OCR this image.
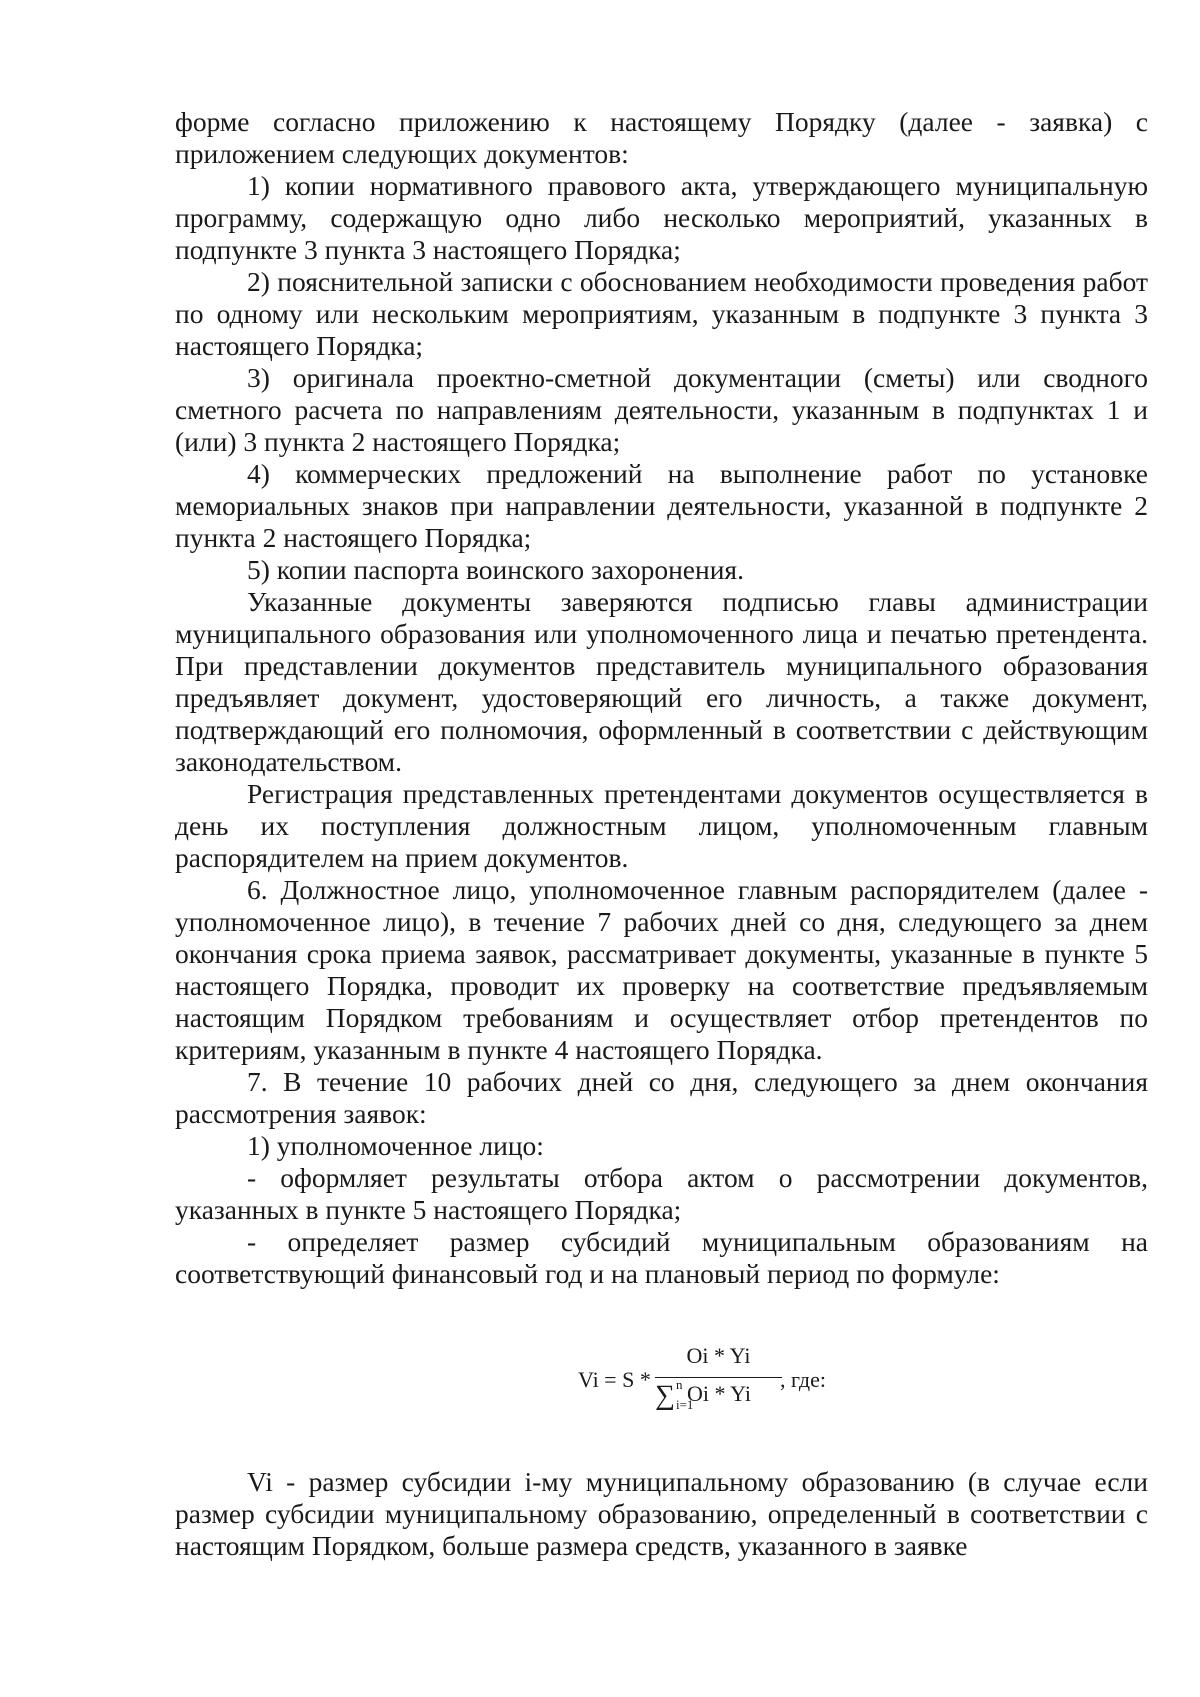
форме согласно приложению к настоящему Порядку (далее - заявка) с приложением следующих документов:

1) копии нормативного правового акта, утверждающего муниципальную программу, содержащую одно либо несколько мероприятий, указанных в подпункте 3 пункта 3 настоящего Порядка;

2) пояснительной записки с обоснованием необходимости проведения работ по одному или нескольким мероприятиям, указанным в подпункте 3 пункта 3 настоящего Порядка;

3) оригинала проектно-сметной документации (сметы) или сводного сметного расчета по направлениям деятельности, указанным в подпунктах 1 и (или) 3 пункта 2 настоящего Порядка;

4) коммерческих предложений на выполнение работ по установке мемориальных знаков при направлении деятельности, указанной в подпункте 2 пункта 2 настоящего Порядка;

5) копии паспорта воинского захоронения.

Указанные документы заверяются подписью главы администрации муниципального образования или уполномоченного лица и печатью претендента. При представлении документов представитель муниципального образования предъявляет документ, удостоверяющий его личность, а также документ, подтверждающий его полномочия, оформленный в соответствии с действующим законодательством.

Регистрация представленных претендентами документов осуществляется в день их поступления должностным лицом, уполномоченным главным распорядителем на прием документов.

6. Должностное лицо, уполномоченное главным распорядителем (далее - уполномоченное лицо), в течение 7 рабочих дней со дня, следующего за днем окончания срока приема заявок, рассматривает документы, указанные в пункте 5 настоящего Порядка, проводит их проверку на соответствие предъявляемым настоящим Порядком требованиям и осуществляет отбор претендентов по критериям, указанным в пункте 4 настоящего Порядка.

7. В течение 10 рабочих дней со дня, следующего за днем окончания рассмотрения заявок:

1) уполномоченное лицо:

- оформляет результаты отбора актом о рассмотрении документов, указанных в пункте 5 настоящего Порядка;

- определяет размер субсидий муниципальным образованиям на соответствующий финансовый год и на плановый период по формуле:

Vi = S *
Oi * Yi
∑ n
i=1
Oi * Yi
, где:

Vi - размер субсидии i-му муниципальному образованию (в случае если размер субсидии муниципальному образованию, определенный в соответствии с настоящим Порядком, больше размера средств, указанного в заявке
